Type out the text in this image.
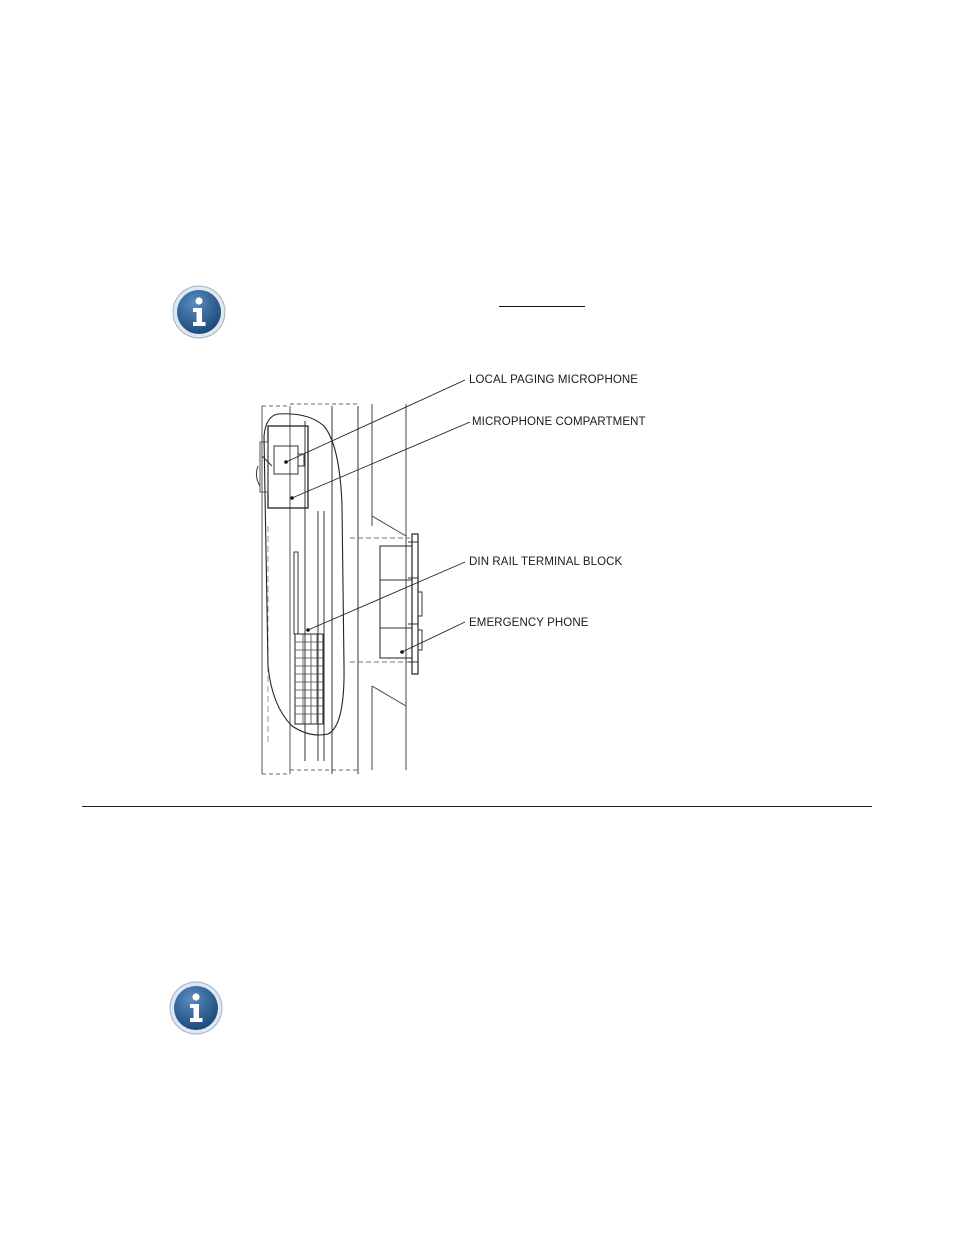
LOCAL PAGING MICROPHONE
MICROPHONE COMPARTMENT
DIN RAIL TERMINAL BLOCK
EMERGENCY PHONE
